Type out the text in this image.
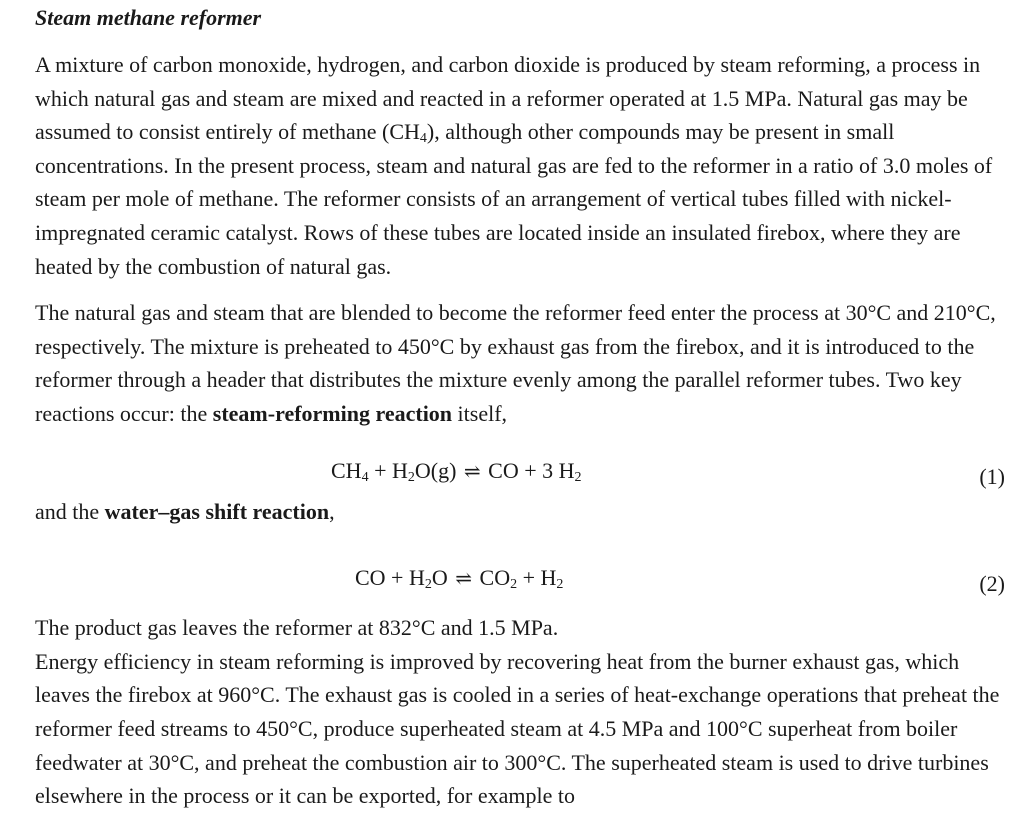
Steam methane reformer

A mixture of carbon monoxide, hydrogen, and carbon dioxide is produced by steam reforming, a process in which natural gas and steam are mixed and reacted in a reformer operated at 1.5 MPa. Natural gas may be assumed to consist entirely of methane $(CH_4)$, although other compounds may be present in small concentrations. In the present process, steam and natural gas are fed to the reformer in a ratio of 3.0 moles of steam per mole of methane. The reformer consists of an arrangement of vertical tubes filled with nickel-impregnated ceramic catalyst. Rows of these tubes are located inside an insulated firebox, where they are heated by the combustion of natural gas.

The natural gas and steam that are blended to become the reformer feed enter the process at 30°C and 210°C, respectively. The mixture is preheated to 450°C by exhaust gas from the firebox, and it is introduced to the reformer through a header that distributes the mixture evenly among the parallel reformer tubes. Two key reactions occur: the steam-reforming reaction itself,

$CH_4 + H_2O(g)$ ⇌ CO + 3 $H_2$	(1)

and the water–gas shift reaction,

CO + $H_2O$ ⇌ $CO_2 + H_2$	(2)

The product gas leaves the reformer at 832°C and 1.5 MPa.

Energy efficiency in steam reforming is improved by recovering heat from the burner exhaust gas, which leaves the firebox at 960°C. The exhaust gas is cooled in a series of heat-exchange operations that preheat the reformer feed streams to 450°C, produce superheated steam at 4.5 MPa and 100°C superheat from boiler feedwater at 30°C, and preheat the combustion air to 300°C. The superheated steam is used to drive turbines elsewhere in the process or it can be exported, for example to
